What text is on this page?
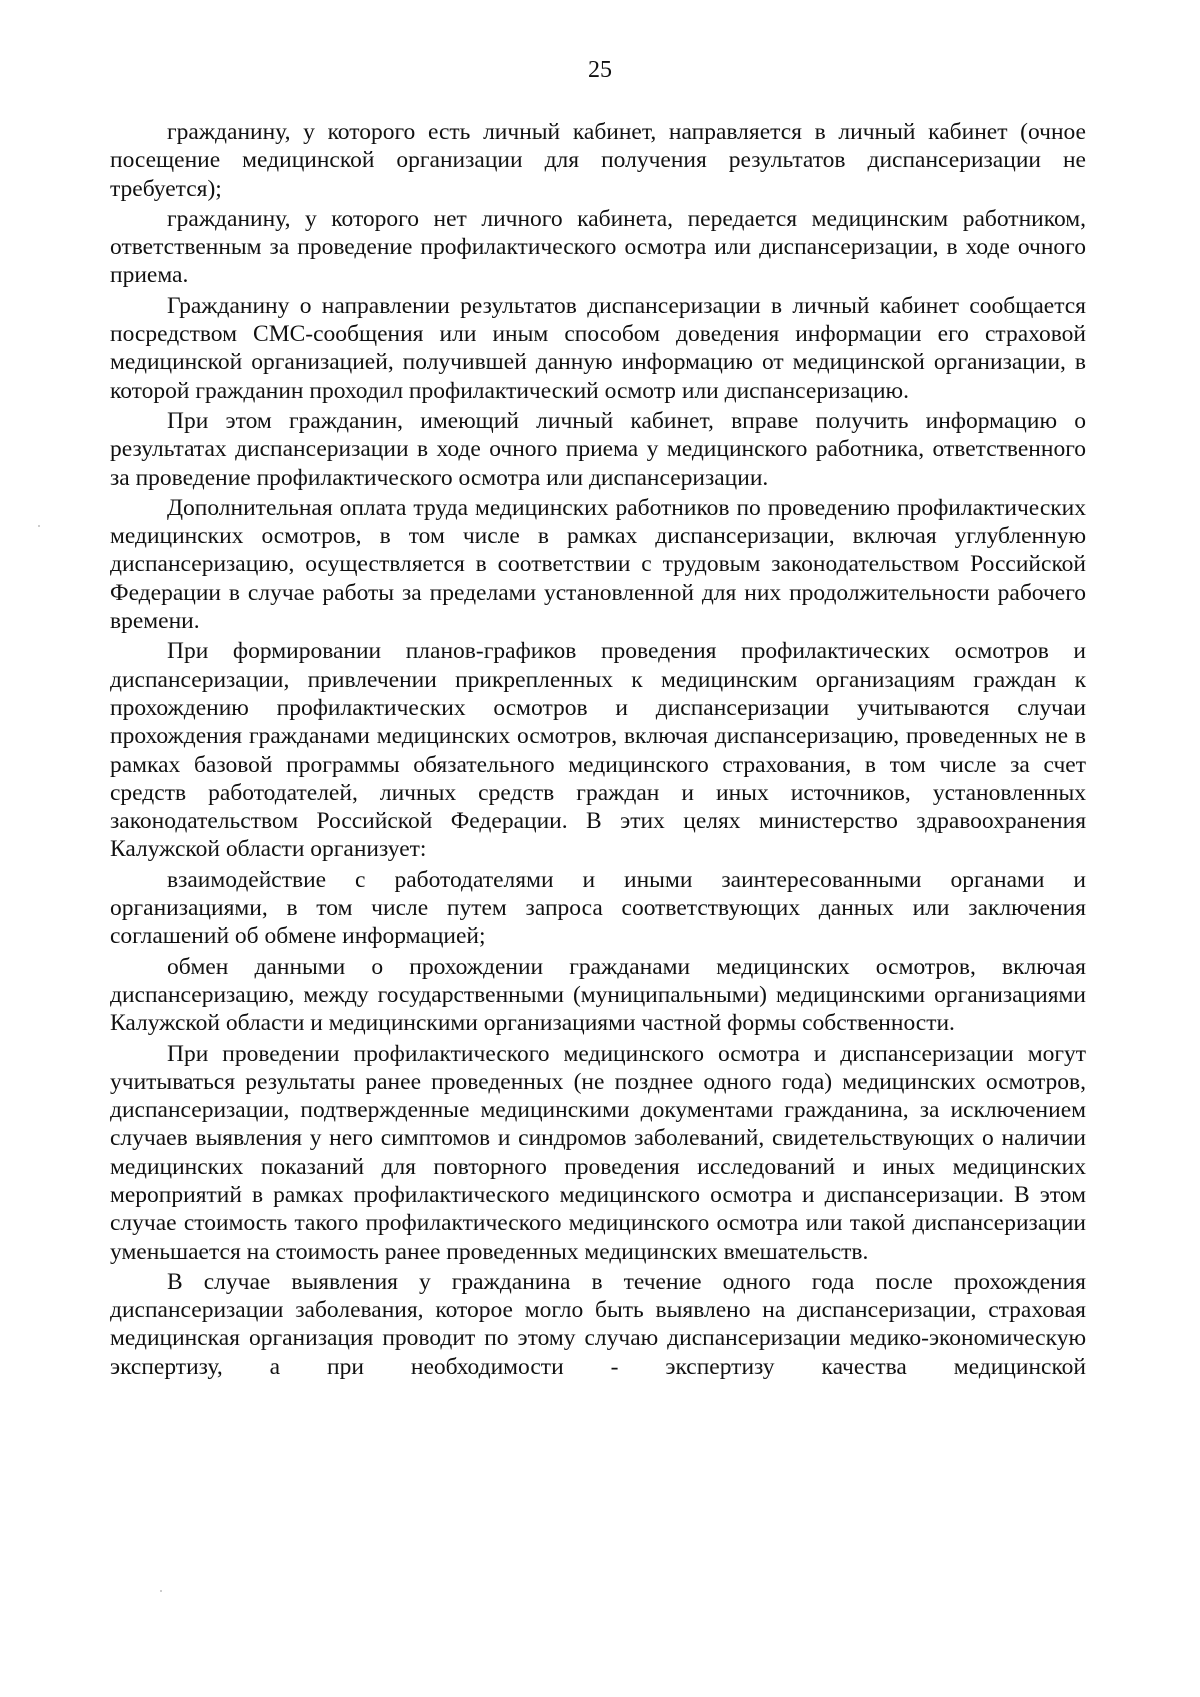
25

гражданину, у которого есть личный кабинет, направляется в личный кабинет (очное посещение медицинской организации для получения результатов диспансеризации не требуется);

гражданину, у которого нет личного кабинета, передается медицинским работником, ответственным за проведение профилактического осмотра или диспансеризации, в ходе очного приема.

Гражданину о направлении результатов диспансеризации в личный кабинет сообщается посредством СМС-сообщения или иным способом доведения информации его страховой медицинской организацией, получившей данную информацию от медицинской организации, в которой гражданин проходил профилактический осмотр или диспансеризацию.

При этом гражданин, имеющий личный кабинет, вправе получить информацию о результатах диспансеризации в ходе очного приема у медицинского работника, ответственного за проведение профилактического осмотра или диспансеризации.

Дополнительная оплата труда медицинских работников по проведению профилактических медицинских осмотров, в том числе в рамках диспансеризации, включая углубленную диспансеризацию, осуществляется в соответствии с трудовым законодательством Российской Федерации в случае работы за пределами установленной для них продолжительности рабочего времени.

При формировании планов-графиков проведения профилактических осмотров и диспансеризации, привлечении прикрепленных к медицинским организациям граждан к прохождению профилактических осмотров и диспансеризации учитываются случаи прохождения гражданами медицинских осмотров, включая диспансеризацию, проведенных не в рамках базовой программы обязательного медицинского страхования, в том числе за счет средств работодателей, личных средств граждан и иных источников, установленных законодательством Российской Федерации. В этих целях министерство здравоохранения Калужской области организует:

взаимодействие с работодателями и иными заинтересованными органами и организациями, в том числе путем запроса соответствующих данных или заключения соглашений об обмене информацией;

обмен данными о прохождении гражданами медицинских осмотров, включая диспансеризацию, между государственными (муниципальными) медицинскими организациями Калужской области и медицинскими организациями частной формы собственности.

При проведении профилактического медицинского осмотра и диспансеризации могут учитываться результаты ранее проведенных (не позднее одного года) медицинских осмотров, диспансеризации, подтвержденные медицинскими документами гражданина, за исключением случаев выявления у него симптомов и синдромов заболеваний, свидетельствующих о наличии медицинских показаний для повторного проведения исследований и иных медицинских мероприятий в рамках профилактического медицинского осмотра и диспансеризации. В этом случае стоимость такого профилактического медицинского осмотра или такой диспансеризации уменьшается на стоимость ранее проведенных медицинских вмешательств.

В случае выявления у гражданина в течение одного года после прохождения диспансеризации заболевания, которое могло быть выявлено на диспансеризации, страховая медицинская организация проводит по этому случаю диспансеризации медико-экономическую экспертизу, а при необходимости - экспертизу качества медицинской
